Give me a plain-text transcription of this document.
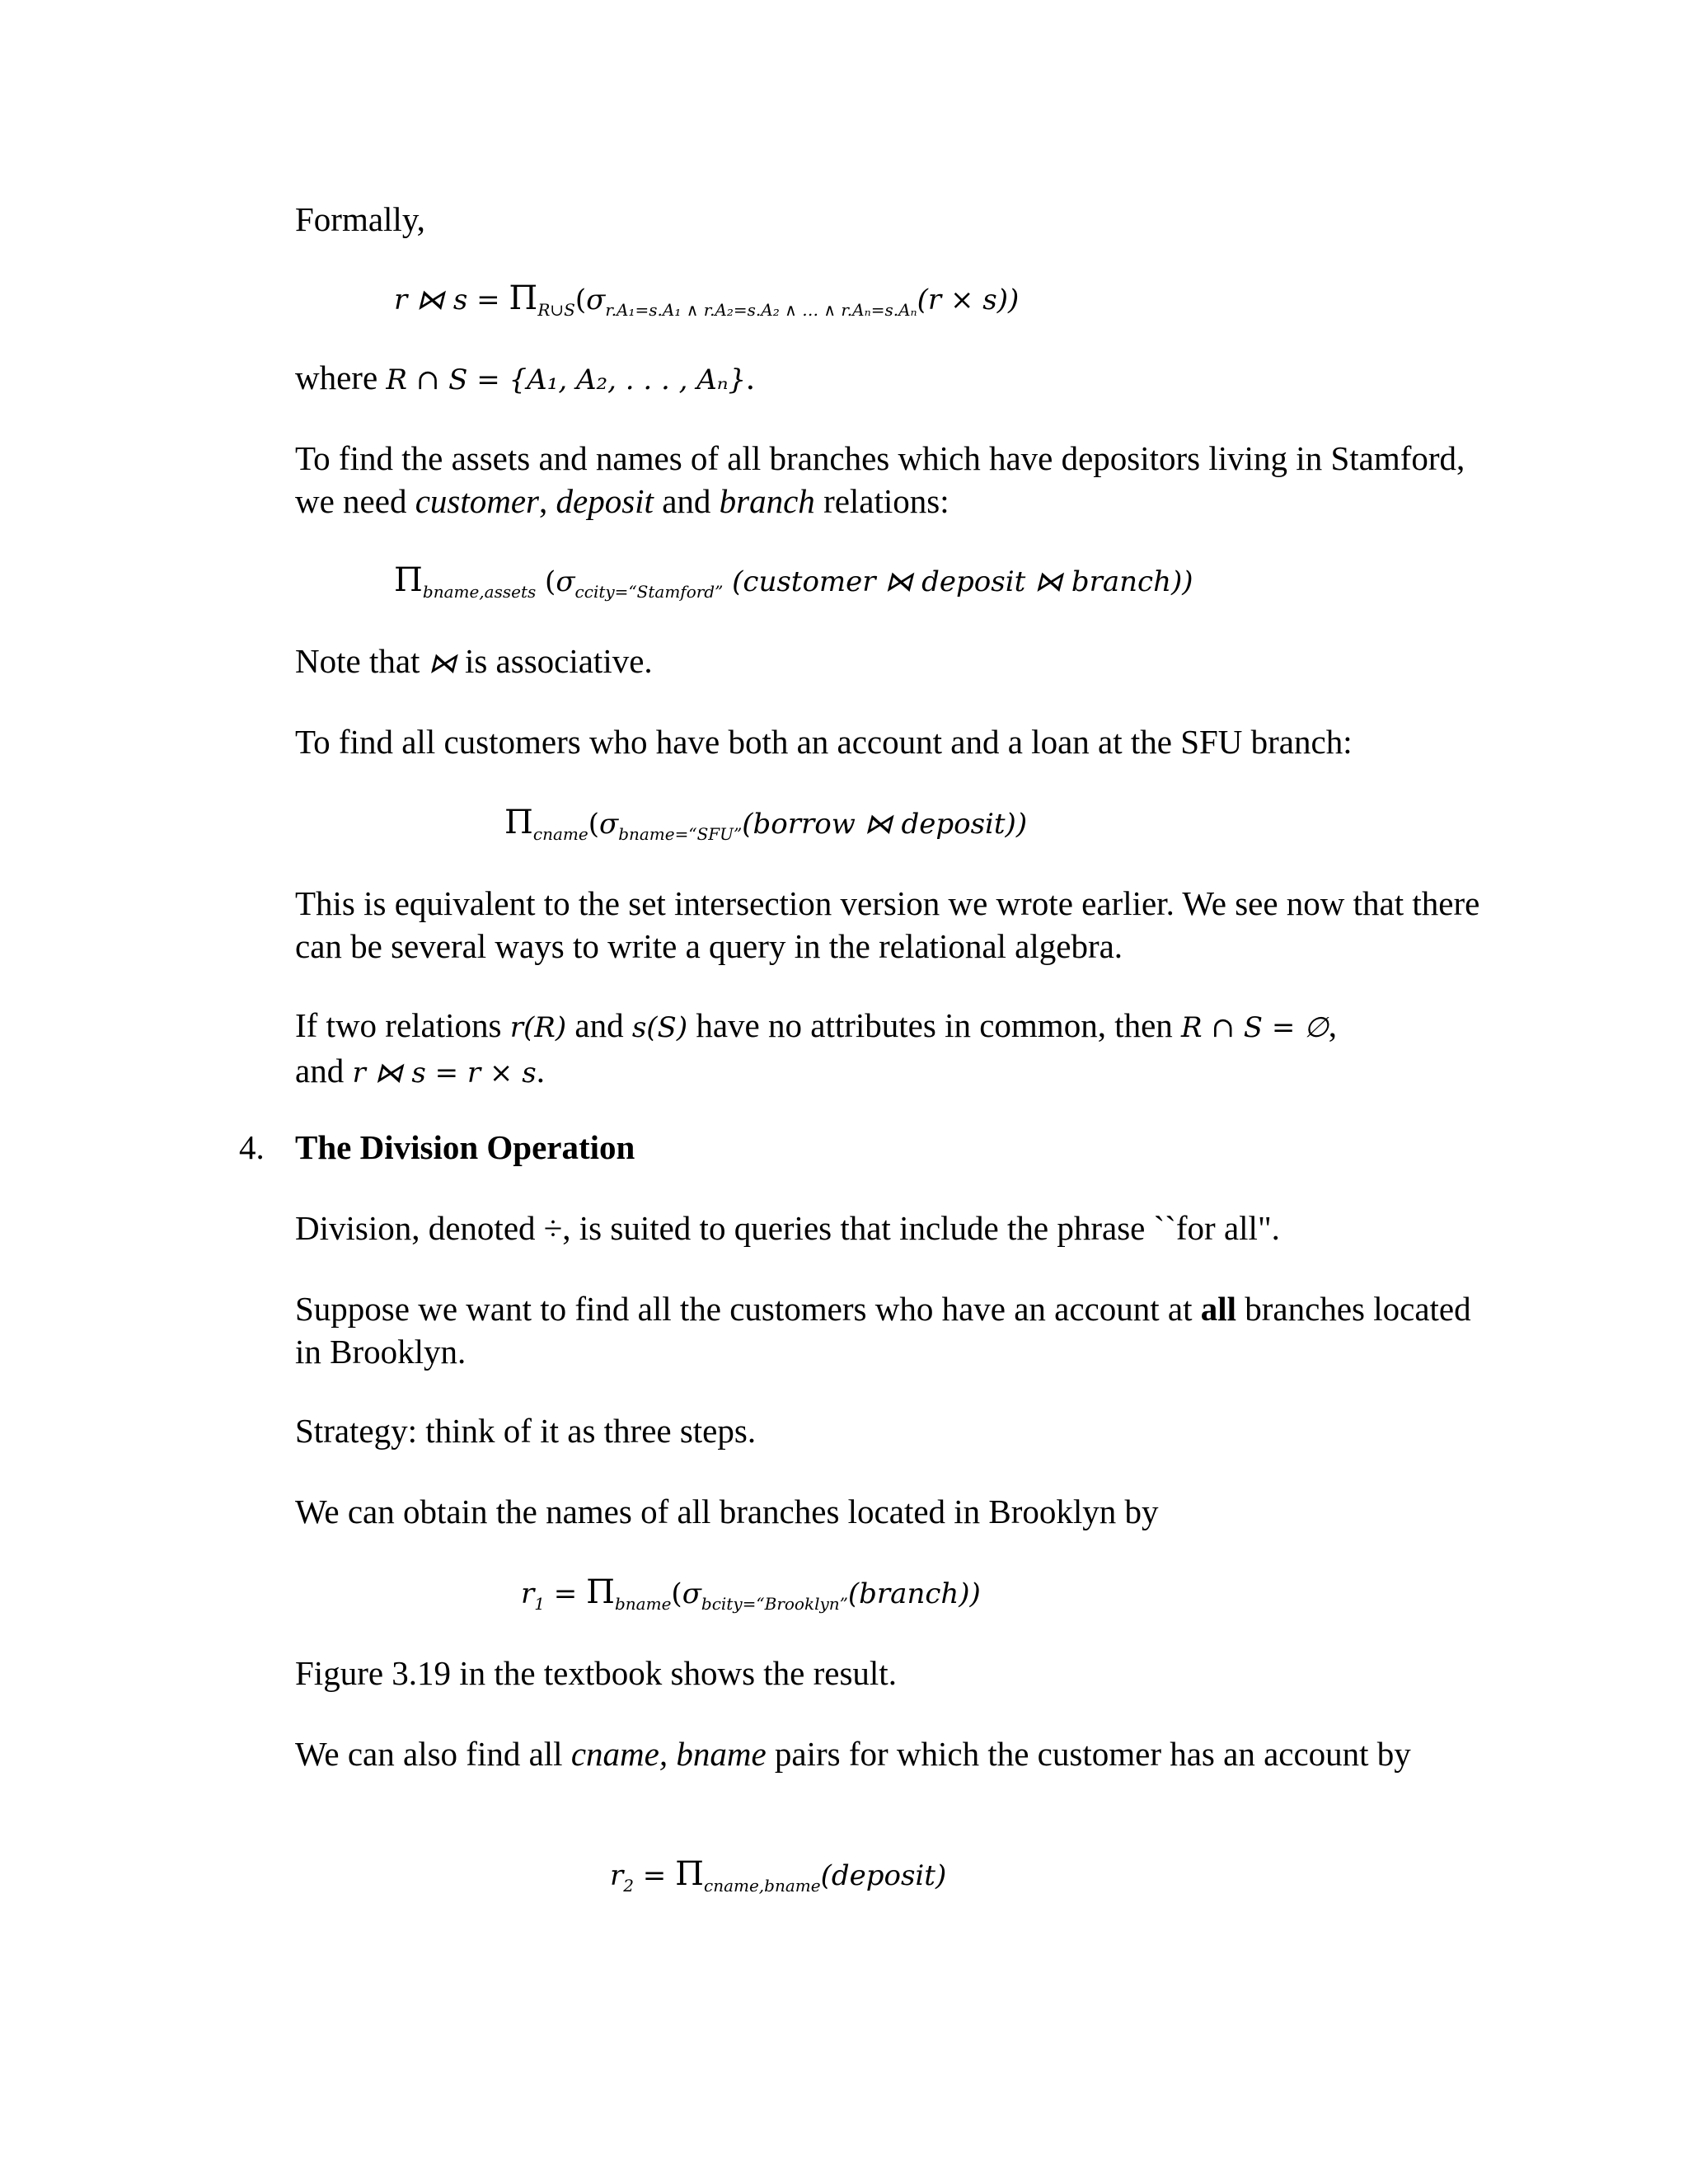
Formally,

r ⋈ $s = \Pi_{R\cup S}(\sigma_{r.A_1=s.A_1 \wedge r.A_2=s.A_2 \wedge \dots \wedge r.A_n=s.A_n}(r \times s))$

where R ∩ S = {A₁, A₂, . . . , Aₙ}.

To find the assets and names of all branches which have depositors living in Stamford, we need customer, deposit and branch relations:

$\Pi_{bname,assets}$ ($\sigma_{ccity=“Stamford”}$ (customer ⋈ deposit ⋈ branch))

Note that ⋈ is associative.

To find all customers who have both an account and a loan at the SFU branch:

$\Pi_{cname}(\sigma_{bname=“SFU”}(borrow$ ⋈ deposit))

This is equivalent to the set intersection version we wrote earlier. We see now that there can be several ways to write a query in the relational algebra.

If two relations r(R) and s(S) have no attributes in common, then R ∩ S = ∅,
and r ⋈ s = r × s.

4. The Division Operation

Division, denoted ÷, is suited to queries that include the phrase ``for all".

Suppose we want to find all the customers who have an account at all branches located in Brooklyn.

Strategy: think of it as three steps.

We can obtain the names of all branches located in Brooklyn by

$r_1$ = $\Pi_{bname}(\sigma_{bcity=“Brooklyn”}(branch))$

Figure 3.19 in the textbook shows the result.

We can also find all cname, bname pairs for which the customer has an account by

$r_2$ = $\Pi_{cname,bname}(deposit)$
